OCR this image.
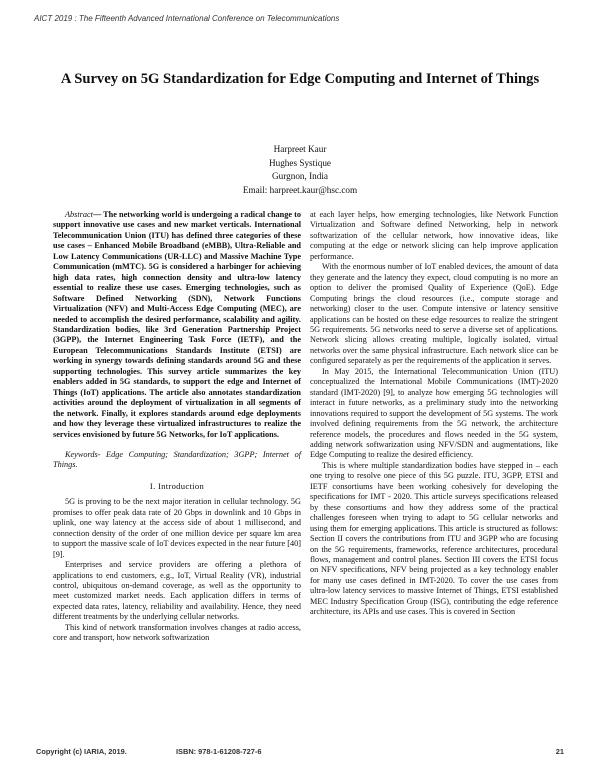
AICT 2019 : The Fifteenth Advanced International Conference on Telecommunications
A Survey on 5G Standardization for Edge Computing and Internet of Things
Harpreet Kaur
Hughes Systique
Gurgnon, India
Email: harpreet.kaur@hsc.com

Abstract— The networking world is undergoing a radical change to support innovative use cases and new market verticals. International Telecommunication Union (ITU) has defined three categories of these use cases – Enhanced Mobile Broadband (eMBB), Ultra-Reliable and Low Latency Communications (UR-LLC) and Massive Machine Type Communication (mMTC). 5G is considered a harbinger for achieving high data rates, high connection density and ultra-low latency essential to realize these use cases. Emerging technologies, such as Software Defined Networking (SDN), Network Functions Virtualization (NFV) and Multi-Access Edge Computing (MEC), are needed to accomplish the desired performance, scalability and agility. Standardization bodies, like 3rd Generation Partnership Project (3GPP), the Internet Engineering Task Force (IETF), and the European Telecommunications Standards Institute (ETSI) are working in synergy towards defining standards around 5G and these supporting technologies. This survey article summarizes the key enablers added in 5G standards, to support the edge and Internet of Things (IoT) applications. The article also annotates standardization activities around the deployment of virtualization in all segments of the network. Finally, it explores standards around edge deployments and how they leverage these virtualized infrastructures to realize the services envisioned by future 5G Networks, for IoT applications.

Keywords- Edge Computing; Standardization; 3GPP; Internet of Things.

I. Introduction

5G is proving to be the next major iteration in cellular technology. 5G promises to offer peak data rate of 20 Gbps in downlink and 10 Gbps in uplink, one way latency at the access side of about 1 millisecond, and connection density of the order of one million device per square km area to support the massive scale of IoT devices expected in the near future [40] [9].

Enterprises and service providers are offering a plethora of applications to end customers, e.g., IoT, Virtual Reality (VR), industrial control, ubiquitous on-demand coverage, as well as the opportunity to meet customized market needs. Each application differs in terms of expected data rates, latency, reliability and availability. Hence, they need different treatments by the underlying cellular networks.

This kind of network transformation involves changes at radio access, core and transport, how network softwarization

at each layer helps, how emerging technologies, like Network Function Virtualization and Software defined Networking, help in network softwarization of the cellular network, how innovative ideas, like computing at the edge or network slicing can help improve application performance.

With the enormous number of IoT enabled devices, the amount of data they generate and the latency they expect, cloud computing is no more an option to deliver the promised Quality of Experience (QoE). Edge Computing brings the cloud resources (i.e., compute storage and networking) closer to the user. Compute intensive or latency sensitive applications can be hosted on these edge resources to realize the stringent 5G requirements. 5G networks need to serve a diverse set of applications. Network slicing allows creating multiple, logically isolated, virtual networks over the same physical infrastructure. Each network slice can be configured separately as per the requirements of the application it serves.

In May 2015, the International Telecommunication Union (ITU) conceptualized the International Mobile Communications (IMT)-2020 standard (IMT-2020) [9], to analyze how emerging 5G technologies will interact in future networks, as a preliminary study into the networking innovations required to support the development of 5G systems. The work involved defining requirements from the 5G network, the architecture reference models, the procedures and flows needed in the 5G system, adding network softwarization using NFV/SDN and augmentations, like Edge Computing to realize the desired efficiency.

This is where multiple standardization bodies have stepped in – each one trying to resolve one piece of this 5G puzzle. ITU, 3GPP, ETSI and IETF consortiums have been working cohesively for developing the specifications for IMT - 2020. This article surveys specifications released by these consortiums and how they address some of the practical challenges foreseen when trying to adapt to 5G cellular networks and using them for emerging applications. This article is structured as follows: Section II covers the contributions from ITU and 3GPP who are focusing on the 5G requirements, frameworks, reference architectures, procedural flows, management and control planes. Section III covers the ETSI focus on NFV specifications, NFV being projected as a key technology enabler for many use cases defined in IMT-2020. To cover the use cases from ultra-low latency services to massive Internet of Things, ETSI established MEC Industry Specification Group (ISG), contributing the edge reference architecture, its APIs and use cases. This is covered in Section

Copyright (c) IARIA, 2019.	ISBN: 978-1-61208-727-6	21
